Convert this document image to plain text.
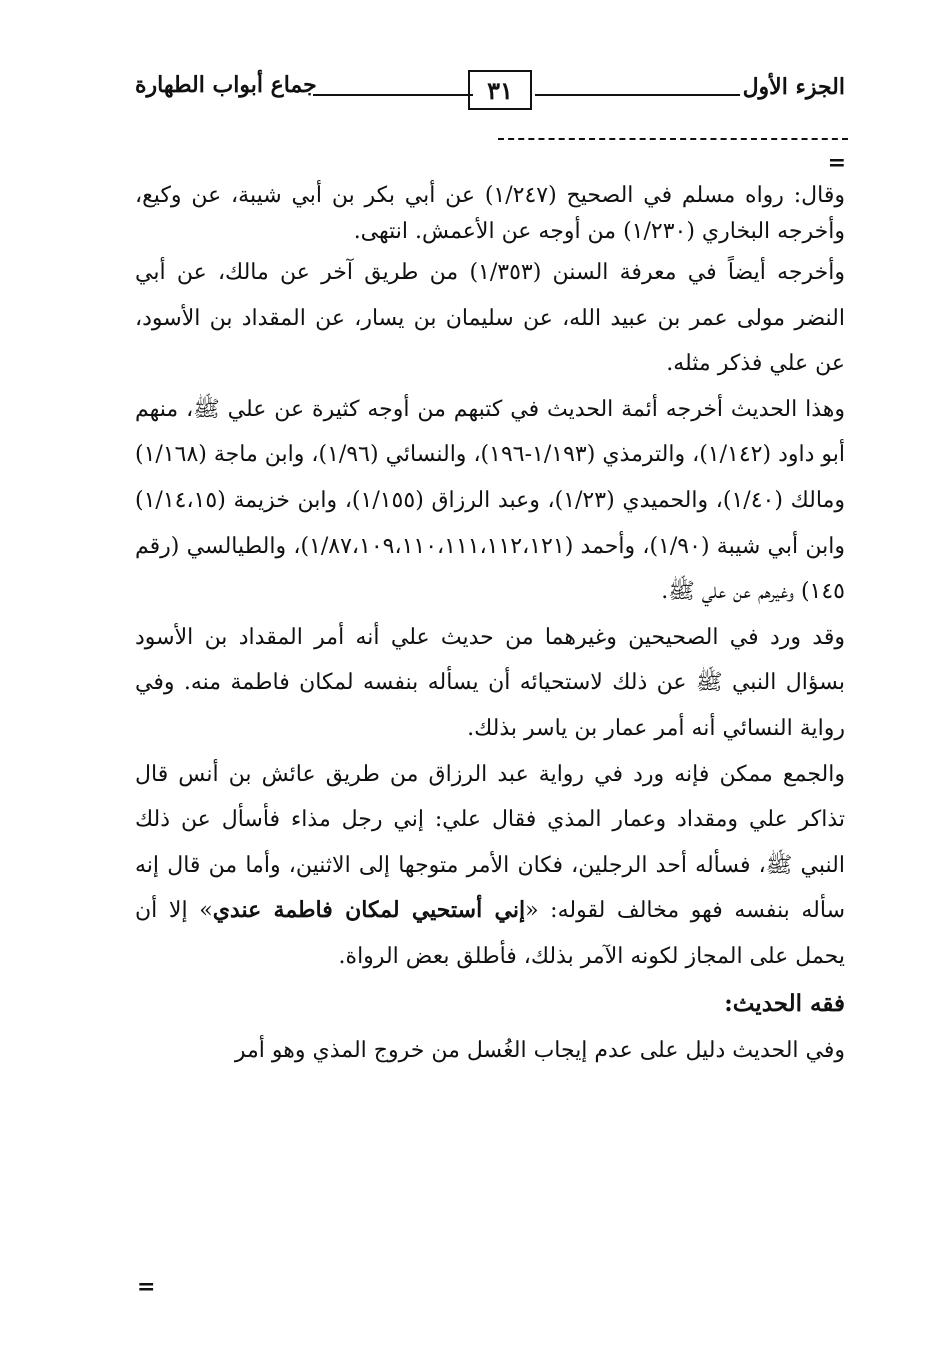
الجزء الأول
٣١
جماع أبواب الطهارة
=

وقال: رواه مسلم في الصحيح (١/٢٤٧) عن أبي بكر بن أبي شيبة، عن وكيع، وأخرجه البخاري (١/٢٣٠) من أوجه عن الأعمش. انتهى.

وأخرجه أيضاً في معرفة السنن (١/٣٥٣) من طريق آخر عن مالك، عن أبي النضر مولى عمر بن عبيد الله، عن سليمان بن يسار، عن المقداد بن الأسود، عن علي فذكر مثله.

وهذا الحديث أخرجه أئمة الحديث في كتبهم من أوجه كثيرة عن علي ﷺ، منهم أبو داود (١/١٤٢)، والترمذي (١/١٩٣-١٩٦)، والنسائي (١/٩٦)، وابن ماجة (١/١٦٨) ومالك (١/٤٠)، والحميدي (١/٢٣)، وعبد الرزاق (١/١٥٥)، وابن خزيمة (١/١٤،١٥) وابن أبي شيبة (١/٩٠)، وأحمد (١/٨٧،١٠٩،١١٠،١١١،١١٢،١٢١)، والطيالسي (رقم ١٤٥) وغيرهم عن علي ﷺ.

وقد ورد في الصحيحين وغيرهما من حديث علي أنه أمر المقداد بن الأسود بسؤال النبي ﷺ عن ذلك لاستحيائه أن يسأله بنفسه لمكان فاطمة منه. وفي رواية النسائي أنه أمر عمار بن ياسر بذلك.

والجمع ممكن فإنه ورد في رواية عبد الرزاق من طريق عائش بن أنس قال تذاكر علي ومقداد وعمار المذي فقال علي: إني رجل مذاء فأسأل عن ذلك النبي ﷺ، فسأله أحد الرجلين، فكان الأمر متوجها إلى الاثنين، وأما من قال إنه سأله بنفسه فهو مخالف لقوله: «إني أستحيي لمكان فاطمة عندي» إلا أن يحمل على المجاز لكونه الآمر بذلك، فأطلق بعض الرواة.

فقه الحديث:

وفي الحديث دليل على عدم إيجاب الغُسل من خروج المذي وهو أمر

=
